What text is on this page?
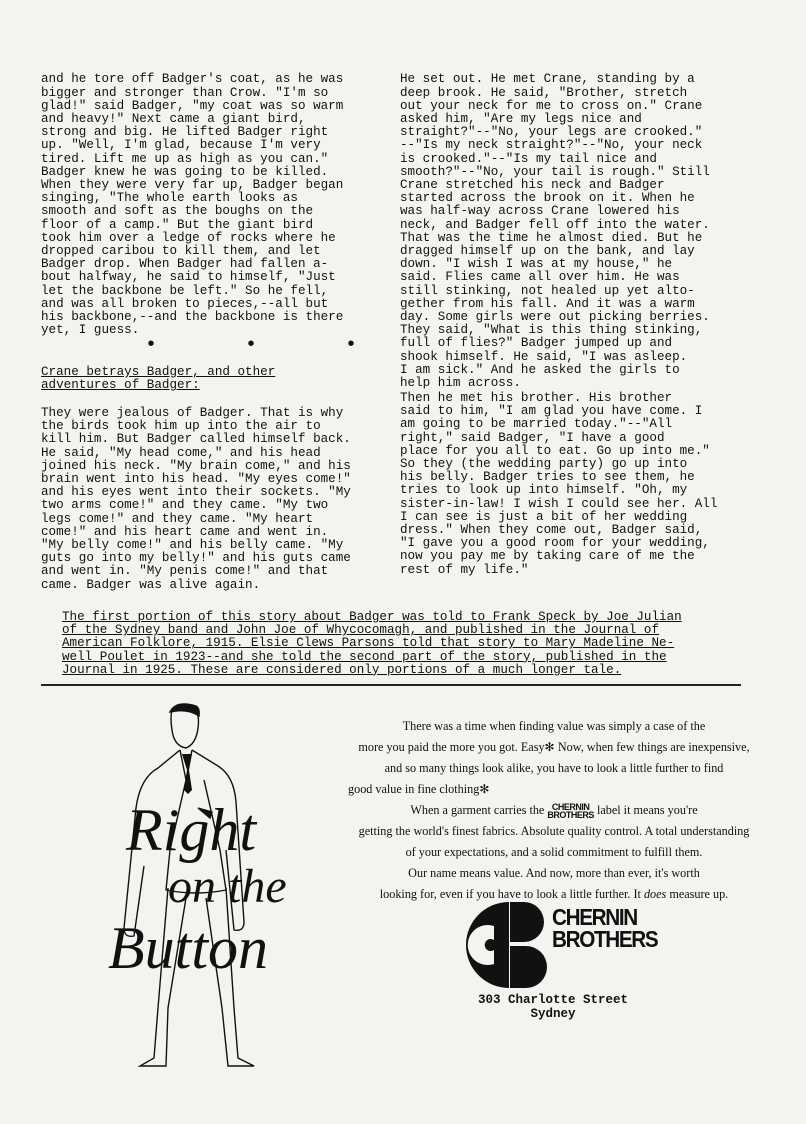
and he tore off Badger's coat, as he was
bigger and stronger than Crow. "I'm so
glad!" said Badger, "my coat was so warm
and heavy!" Next came a giant bird,
strong and big. He lifted Badger right
up. "Well, I'm glad, because I'm very
tired. Lift me up as high as you can."
Badger knew he was going to be killed.
When they were very far up, Badger began
singing, "The whole earth looks as
smooth and soft as the boughs on the
floor of a camp." But the giant bird
took him over a ledge of rocks where he
dropped caribou to kill them, and let
Badger drop. When Badger had fallen a-
bout halfway, he said to himself, "Just
let the backbone be left." So he fell,
and was all broken to pieces,--all but
his backbone,--and the backbone is there
yet, I guess.

• • •
Crane betrays Badger, and other
adventures of Badger:
They were jealous of Badger. That is why
the birds took him up into the air to
kill him. But Badger called himself back.
He said, "My head come," and his head
joined his neck. "My brain come," and his
brain went into his head. "My eyes come!"
and his eyes went into their sockets. "My
two arms come!" and they came. "My two
legs come!" and they came. "My heart
come!" and his heart came and went in.
"My belly come!" and his belly came. "My
guts go into my belly!" and his guts came
and went in. "My penis come!" and that
came. Badger was alive again.

He set out. He met Crane, standing by a
deep brook. He said, "Brother, stretch
out your neck for me to cross on." Crane
asked him, "Are my legs nice and
straight?"--"No, your legs are crooked."
--"Is my neck straight?"--"No, your neck
is crooked."--"Is my tail nice and
smooth?"--"No, your tail is rough." Still
Crane stretched his neck and Badger
started across the brook on it. When he
was half-way across Crane lowered his
neck, and Badger fell off into the water.
That was the time he almost died. But he
dragged himself up on the bank, and lay
down. "I wish I was at my house," he
said. Flies came all over him. He was
still stinking, not healed up yet alto-
gether from his fall. And it was a warm
day. Some girls were out picking berries.
They said, "What is this thing stinking,
full of flies?" Badger jumped up and
shook himself. He said, "I was asleep.
I am sick." And he asked the girls to
help him across.

Then he met his brother. His brother
said to him, "I am glad you have come. I
am going to be married today."--"All
right," said Badger, "I have a good
place for you all to eat. Go up into me."
So they (the wedding party) go up into
his belly. Badger tries to see them, he
tries to look up into himself. "Oh, my
sister-in-law! I wish I could see her. All
I can see is just a bit of her wedding
dress." When they come out, Badger said,
"I gave you a good room for your wedding,
now you pay me by taking care of me the
rest of my life."
The first portion of this story about Badger was told to Frank Speck by Joe Julian
of the Sydney band and John Joe of Whycocomagh, and published in the Journal of
American Folklore, 1915. Elsie Clews Parsons told that story to Mary Madeline Ne-
well Poulet in 1923--and she told the second part of the story, published in the
Journal in 1925. These are considered only portions of a much longer tale.
Right
on the
Button

There was a time when finding value was simply a case of the

more you paid the more you got. Easy✻ Now, when few things are inexpensive,

and so many things look alike, you have to look a little further to find

good value in fine clothing✻

When a garment carries the CHERNIN
BROTHERS label it means you're

getting the world's finest fabrics. Absolute quality control. A total understanding

of your expectations, and a solid commitment to fulfill them.

Our name means value. And now, more than ever, it's worth

looking for, even if you have to look a little further. It does measure up.

CHERNIN
BROTHERS
303 Charlotte Street
Sydney
